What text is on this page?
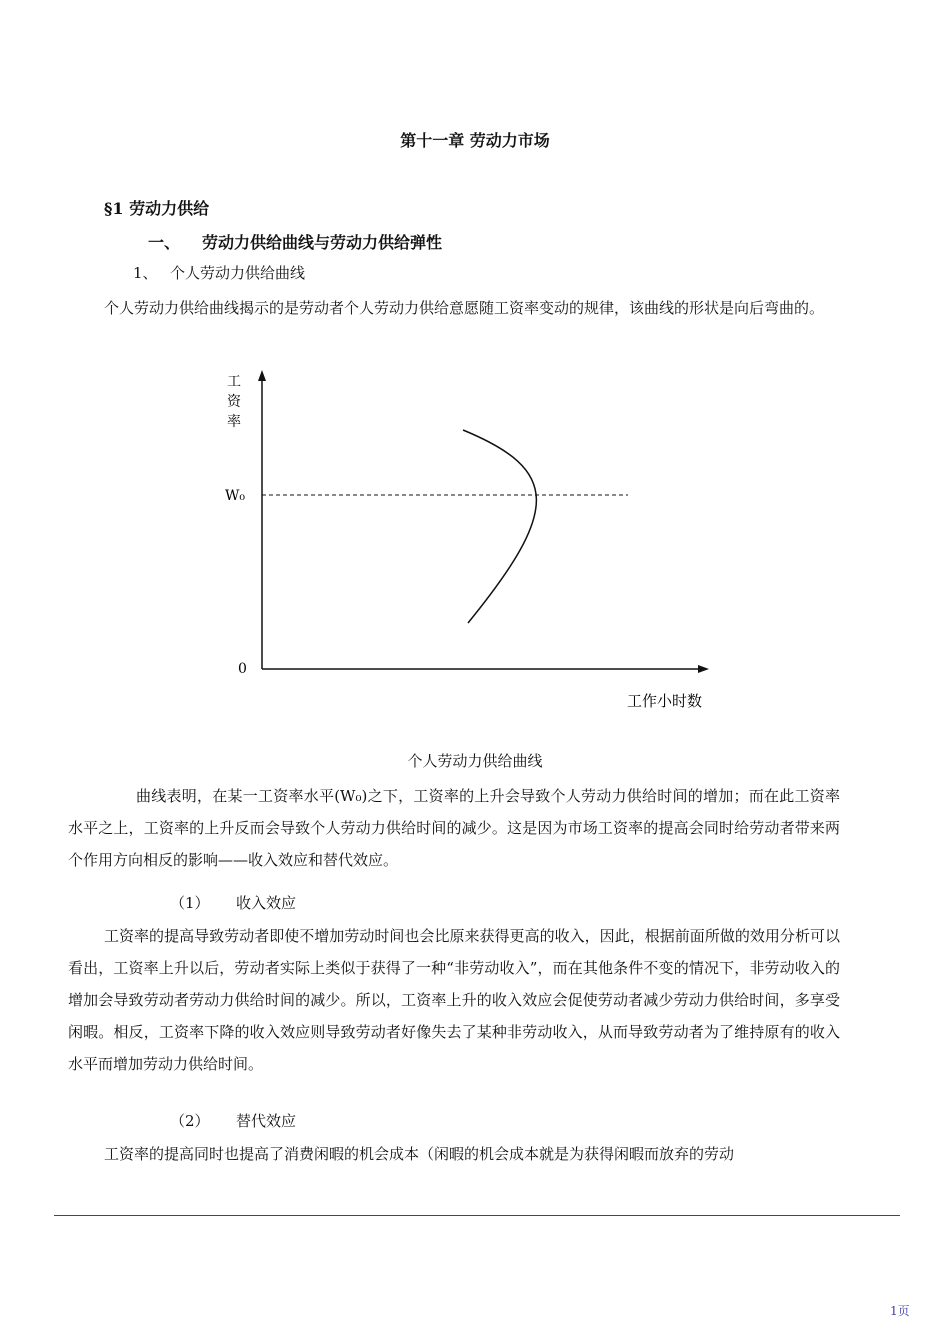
第十一章 劳动力市场
§1 劳动力供给
一、 劳动力供给曲线与劳动力供给弹性
1、 个人劳动力供给曲线
个人劳动力供给曲线揭示的是劳动者个人劳动力供给意愿随工资率变动的规律，该曲线的形状是向后弯曲的。
工
资
率
W₀
0
工作小时数
个人劳动力供给曲线
曲线表明，在某一工资率水平(W₀)之下，工资率的上升会导致个人劳动力供给时间的增加；而在此工资率水平之上，工资率的上升反而会导致个人劳动力供给时间的减少。这是因为市场工资率的提高会同时给劳动者带来两个作用方向相反的影响——收入效应和替代效应。
（1） 收入效应
工资率的提高导致劳动者即使不增加劳动时间也会比原来获得更高的收入，因此，根据前面所做的效用分析可以看出，工资率上升以后，劳动者实际上类似于获得了一种“非劳动收入”，而在其他条件不变的情况下，非劳动收入的增加会导致劳动者劳动力供给时间的减少。所以，工资率上升的收入效应会促使劳动者减少劳动力供给时间，多享受闲暇。相反，工资率下降的收入效应则导致劳动者好像失去了某种非劳动收入，从而导致劳动者为了维持原有的收入水平而增加劳动力供给时间。
（2） 替代效应
工资率的提高同时也提高了消费闲暇的机会成本（闲暇的机会成本就是为获得闲暇而放弃的劳动
1页
